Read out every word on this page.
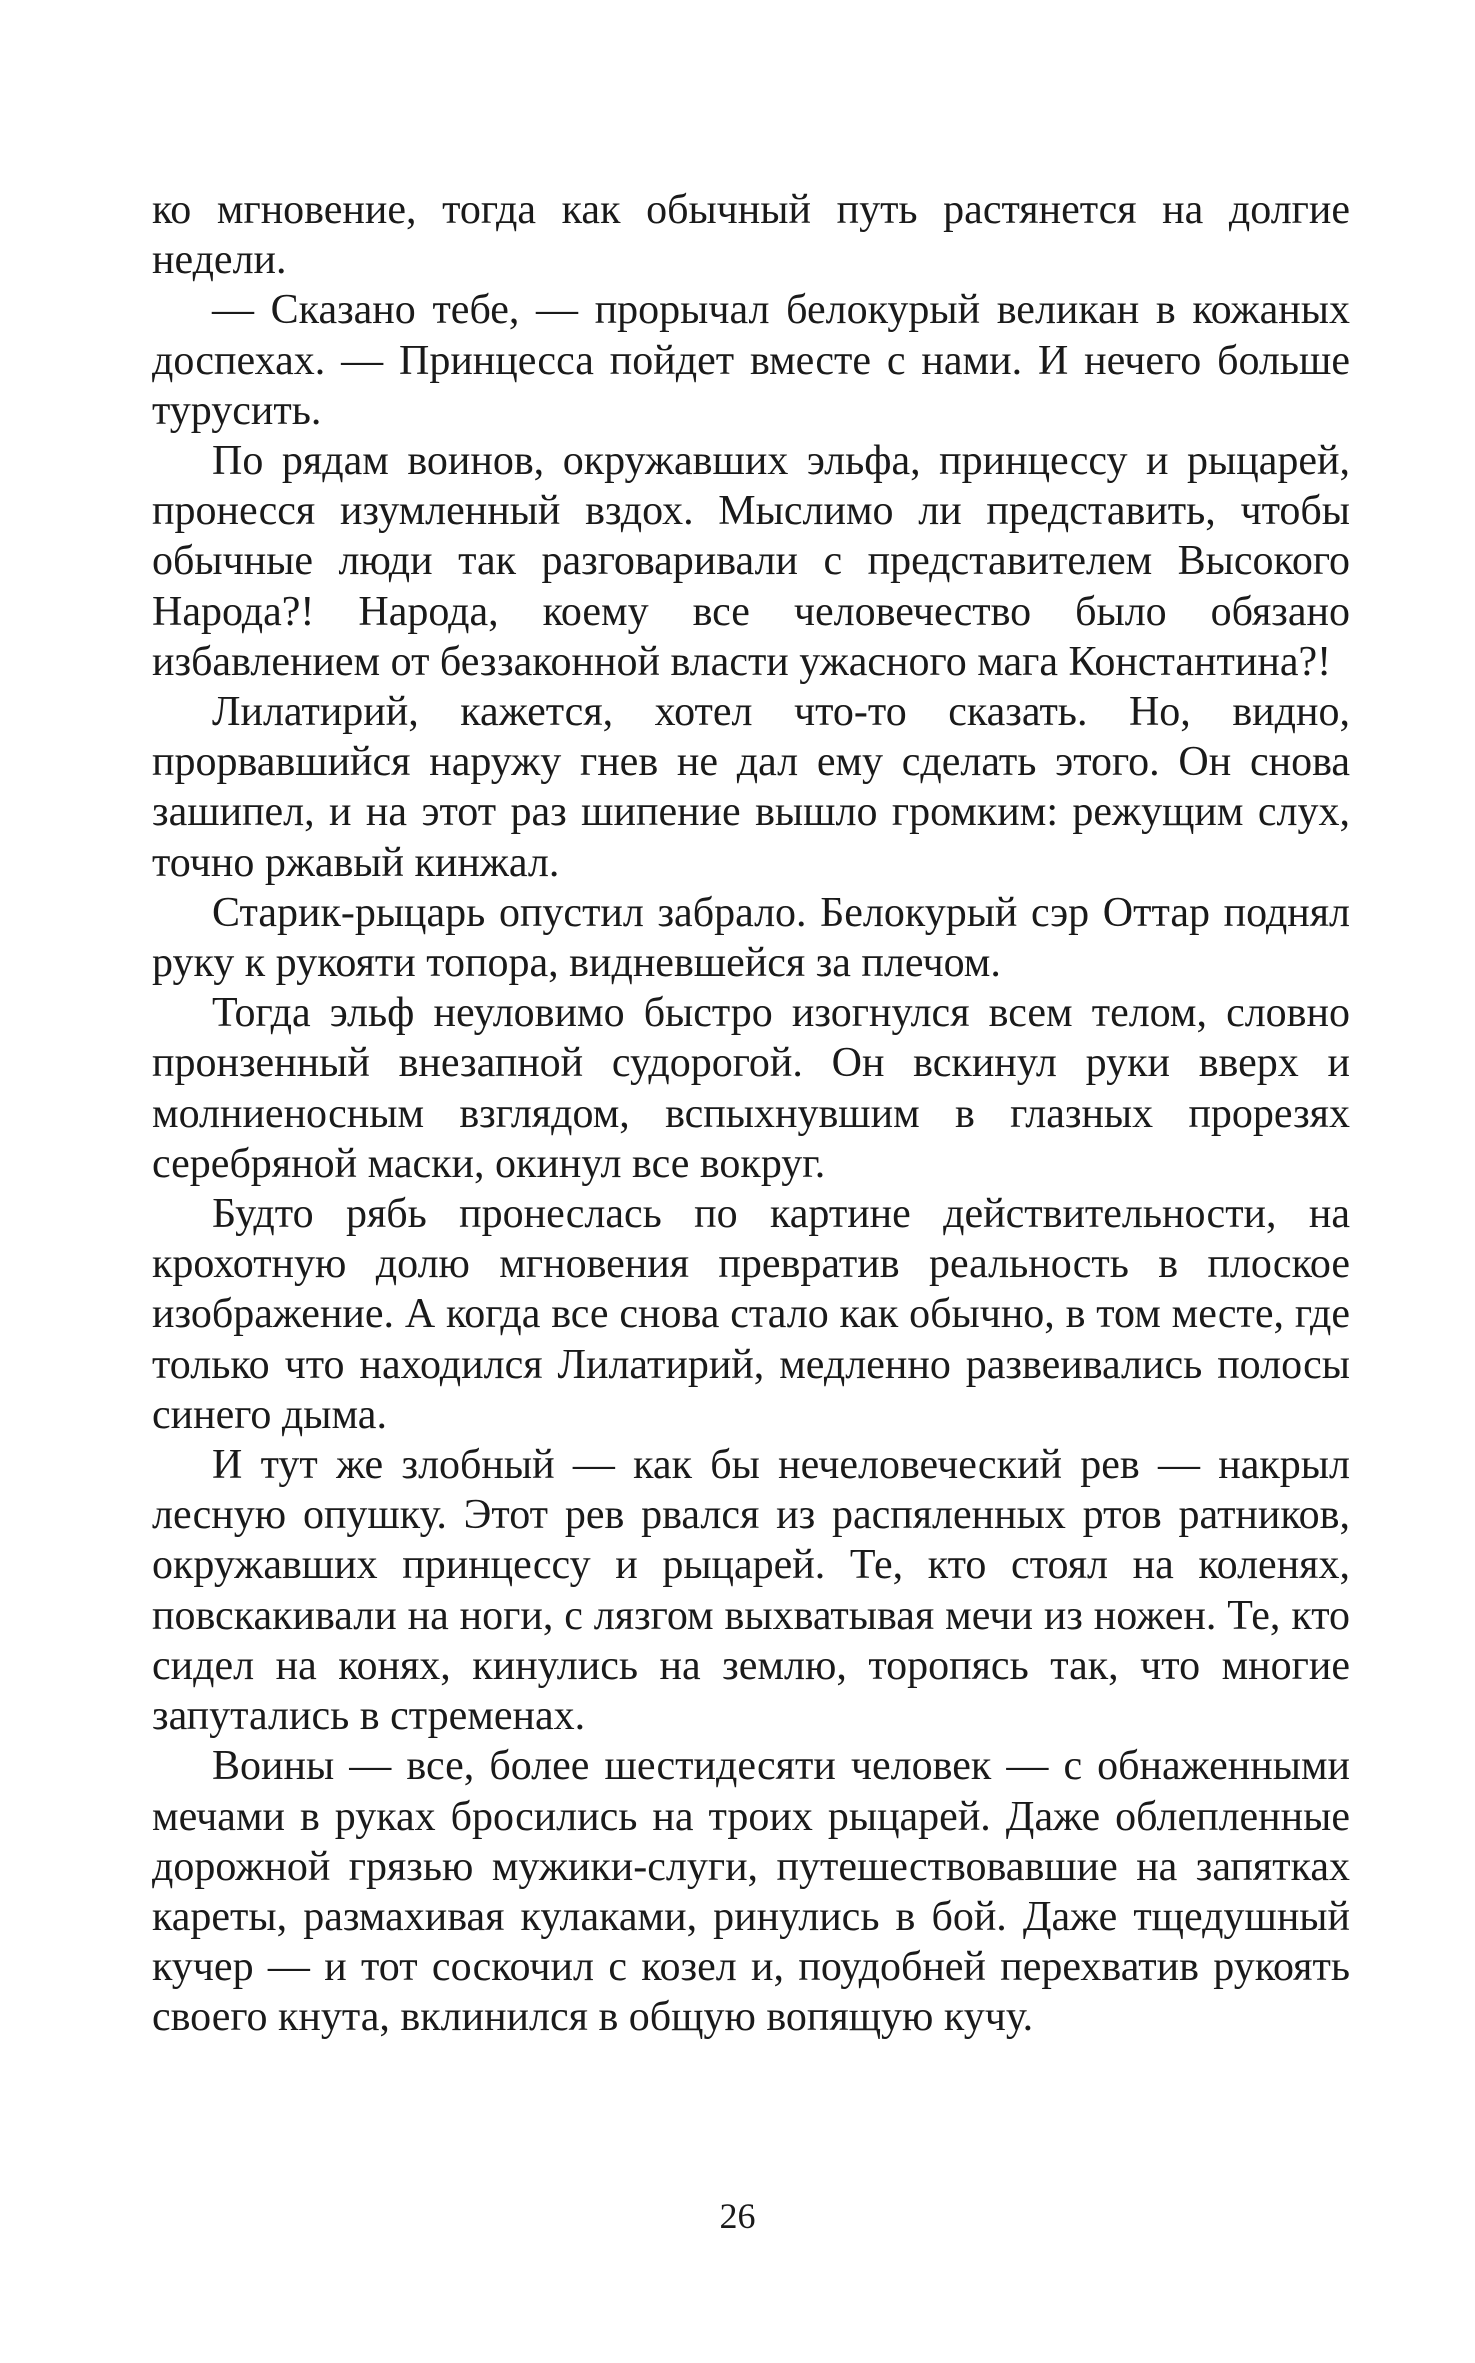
ко мгновение, тогда как обычный путь растянется на долгие недели.

— Сказано тебе, — прорычал белокурый великан в кожаных доспехах. — Принцесса пойдет вместе с нами. И нечего больше турусить.

По рядам воинов, окружавших эльфа, принцессу и рыцарей, пронесся изумленный вздох. Мыслимо ли представить, чтобы обычные люди так разговаривали с представителем Высокого Народа?! Народа, коему все человечество было обязано избавлением от беззаконной власти ужасного мага Константина?!

Лилатирий, кажется, хотел что-то сказать. Но, видно, прорвавшийся наружу гнев не дал ему сделать этого. Он снова зашипел, и на этот раз шипение вышло громким: режущим слух, точно ржавый кинжал.

Старик-рыцарь опустил забрало. Белокурый сэр Оттар поднял руку к рукояти топора, видневшейся за плечом.

Тогда эльф неуловимо быстро изогнулся всем телом, словно пронзенный внезапной судорогой. Он вскинул руки вверх и молниеносным взглядом, вспыхнувшим в глазных прорезях серебряной маски, окинул все вокруг.

Будто рябь пронеслась по картине действительности, на крохотную долю мгновения превратив реальность в плоское изображение. А когда все снова стало как обычно, в том месте, где только что находился Лилатирий, медленно развеивались полосы синего дыма.

И тут же злобный — как бы нечеловеческий рев — накрыл лесную опушку. Этот рев рвался из распяленных ртов ратников, окружавших принцессу и рыцарей. Те, кто стоял на коленях, повскакивали на ноги, с лязгом выхватывая мечи из ножен. Те, кто сидел на конях, кинулись на землю, торопясь так, что многие запутались в стременах.

Воины — все, более шестидесяти человек — с обнаженными мечами в руках бросились на троих рыцарей. Даже облепленные дорожной грязью мужики-слуги, путешествовавшие на запятках кареты, размахивая кулаками, ринулись в бой. Даже тщедушный кучер — и тот соскочил с козел и, поудобней перехватив рукоять своего кнута, вклинился в общую вопящую кучу.

26
